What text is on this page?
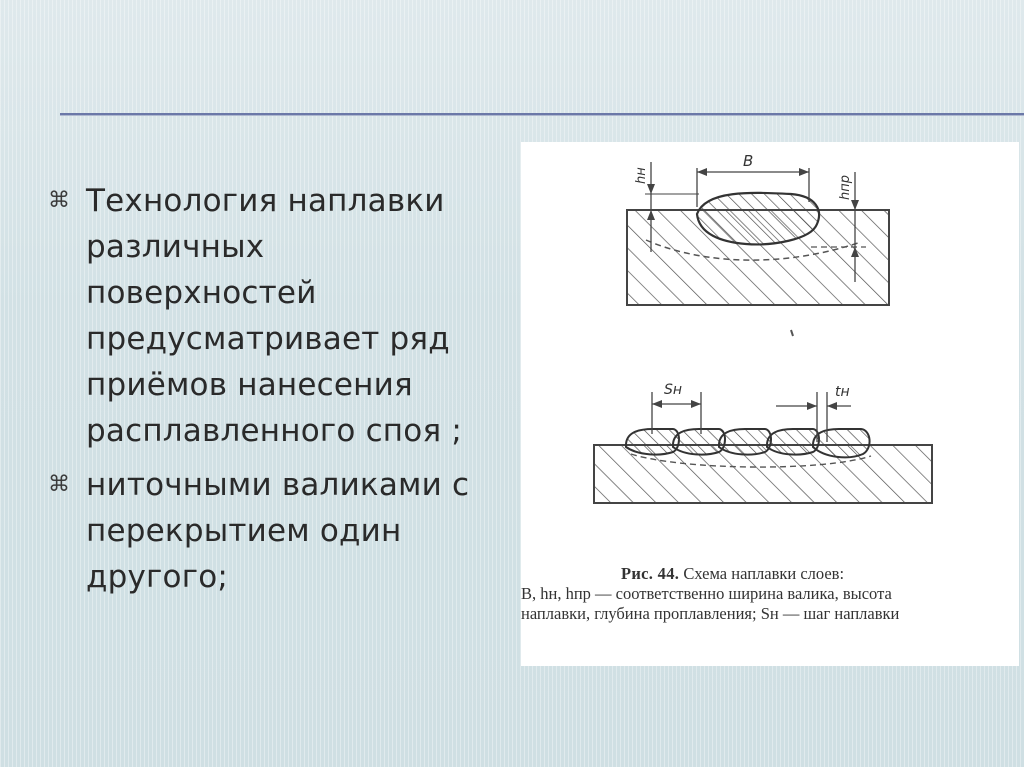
⌘ Технология наплавки различных поверхностей предусматривает ряд приёмов нанесения расплавленного споя ;
⌘ ниточными валиками с перекрытием один другого;
B
hн	hпр
Sн	tн
Рис. 44. Схема наплавки слоев:
B, hн, hпр — соответственно ширина валика, высота
наплавки, глубина проплавления; Sн — шаг наплавки
